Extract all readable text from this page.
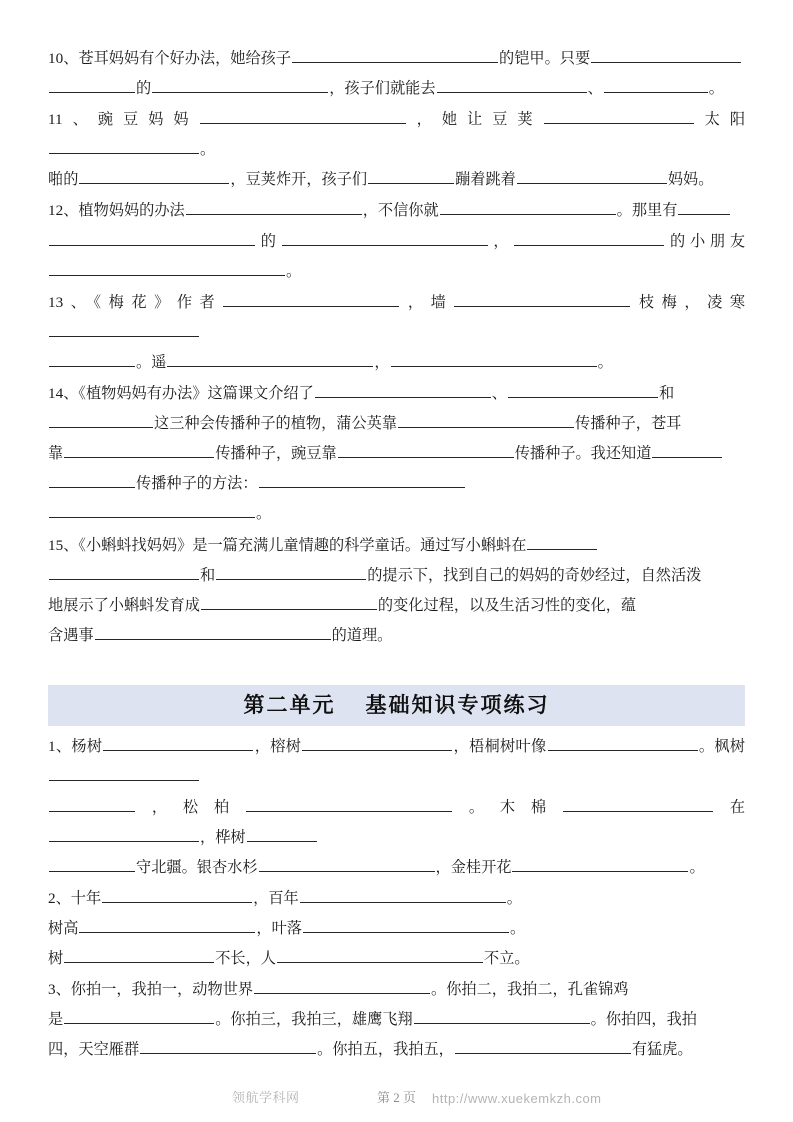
10、苍耳妈妈有个好办法，她给孩子	的铠甲。只要
的	，孩子们就能去	、	。
11、豌豆妈妈	，她让豆荚	太阳。
啪的	，豆荚炸开，孩子们	蹦着跳着	妈妈。
12、植物妈妈的办法	，不信你就	。那里有
的	，	的小朋友。
13、《梅花》作者	，墙	枝梅，凌寒
。遥	，	。
14、《植物妈妈有办法》这篇课文介绍了	、	和
这三种会传播种子的植物，蒲公英靠	传播种子，苍耳
靠	传播种子，豌豆靠	传播种子。我还知道
传播种子的方法：
。
15、《小蝌蚪找妈妈》是一篇充满儿童情趣的科学童话。通过写小蝌蚪在
和	的提示下，找到自己的妈妈的奇妙经过，自然活泼
地展示了小蝌蚪发育成	的变化过程，以及生活习性的变化，蕴
含遇事	的道理。
第二单元 基础知识专项练习
1、杨树	，榕树	，梧桐树叶像	。枫树
，松柏	。木棉	在，桦树
守北疆。银杏水杉	，金桂开花	。
2、十年	，百年	。
树高	，叶落	。
树	不长，人	不立。
3、你拍一，我拍一，动物世界	。你拍二，我拍二，孔雀锦鸡
是	。你拍三，我拍三，雄鹰飞翔	。你拍四，我拍
四，天空雁群	。你拍五，我拍五，	有猛虎。
领航学科网	http://www.xuekemkzh.com
第 2 页
